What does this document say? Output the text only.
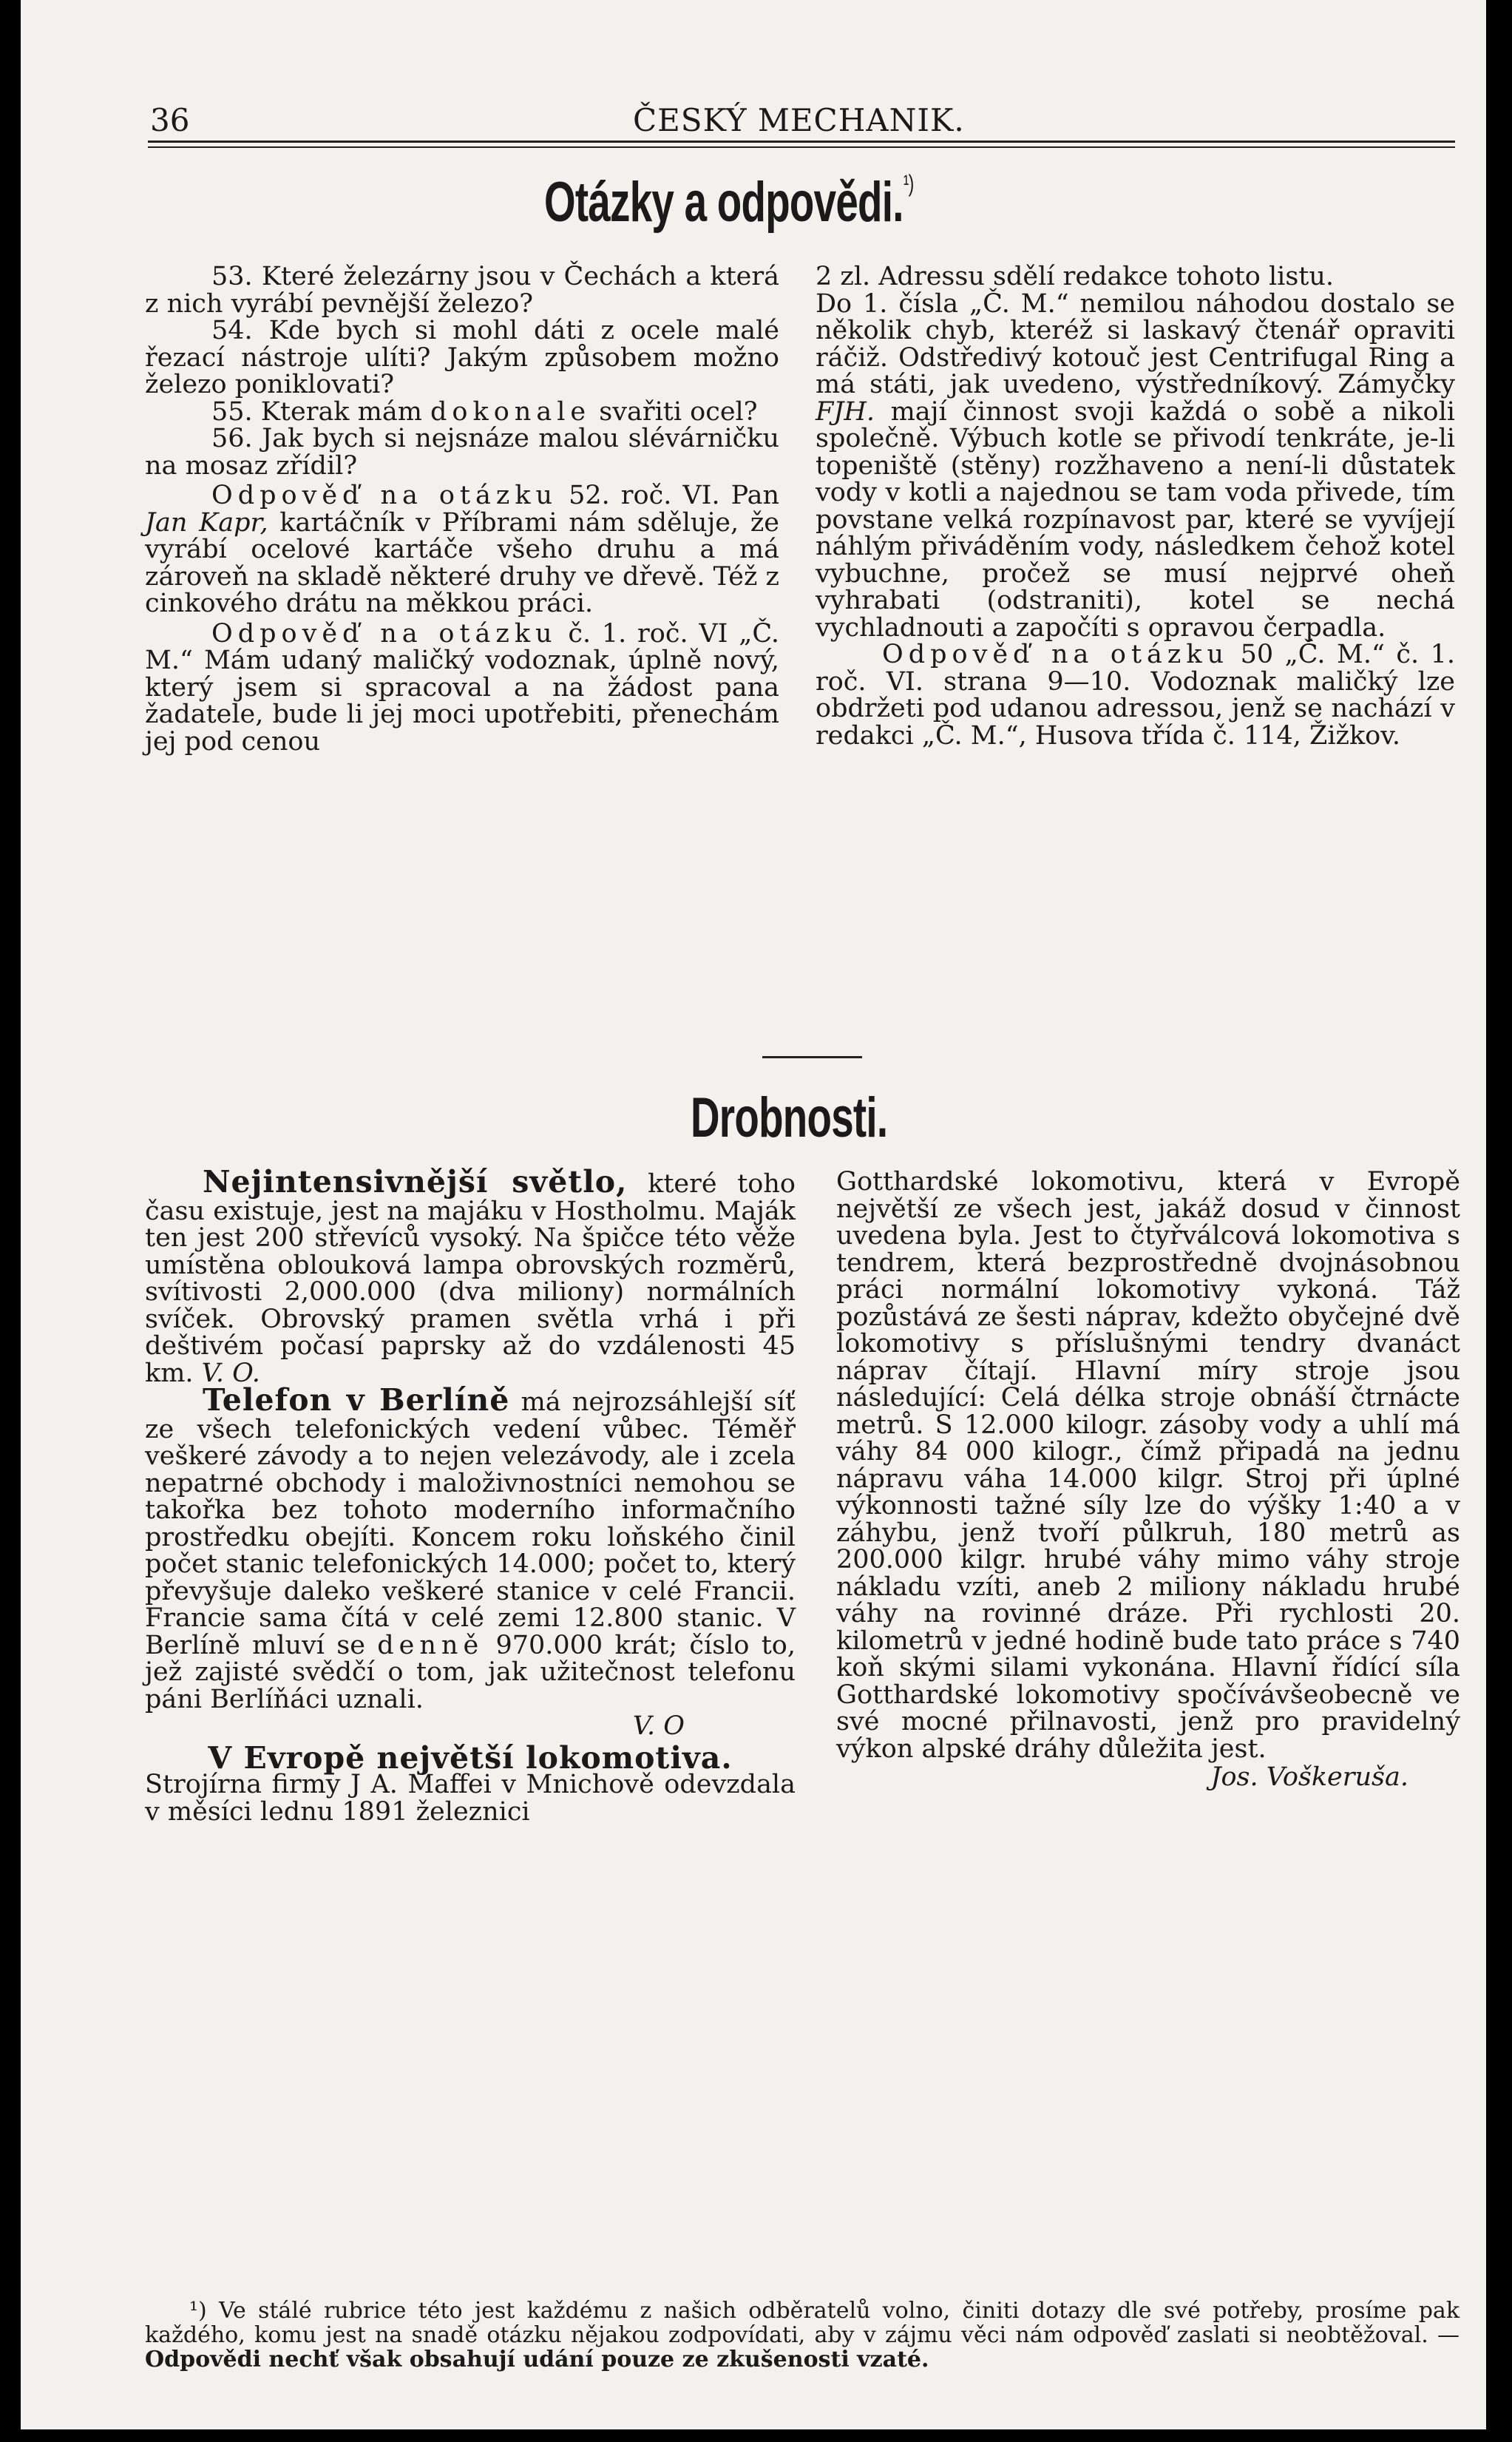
36	ČESKÝ MECHANIK.
Otázky a odpovědi.$^{^1)}$

53. Které železárny jsou v Čechách a která z nich vyrábí pevnější železo?

54. Kde bych si mohl dáti z ocele malé řezací nástroje ulíti? Jakým způsobem možno železo poniklovati?

55. Kterak mám dokonale svařiti ocel?

56. Jak bych si nejsnáze malou slévárničku na mosaz zřídil?

Odpověď na otázku 52. roč. VI. Pan Jan Kapr, kartáčník v Příbrami nám sděluje, že vyrábí ocelové kartáče všeho druhu a má zároveň na skladě některé druhy ve dřevě. Též z cinkového drátu na měkkou práci.

Odpověď na otázku č. 1. roč. VI „Č. M.“ Mám udaný maličký vodoznak, úplně nový, který jsem si spracoval a na žádost pana žadatele, bude li jej moci upotřebiti, přenechám jej pod cenou

2 zl. Adressu sdělí redakce tohoto listu.

Do 1. čísla „Č. M.“ nemilou náhodou dostalo se několik chyb, kteréž si laskavý čtenář opraviti ráčiž. Odstředivý kotouč jest Centrifugal Ring a má státi, jak uvedeno, výstředníkový. Zámyčky FJH. mají činnost svoji každá o sobě a nikoli společně. Výbuch kotle se přivodí tenkráte, je-li topeniště (stěny) rozžhaveno a není-li důstatek vody v kotli a najednou se tam voda přivede, tím povstane velká rozpínavost par, které se vyvíjejí náhlým přiváděním vody, následkem čehož kotel vybuchne, pročež se musí nejprvé oheň vyhrabati (odstraniti), kotel se nechá vychladnouti a započíti s opravou čerpadla.

Odpověď na otázku 50 „Č. M.“ č. 1. roč. VI. strana 9—10. Vodoznak maličký lze obdržeti pod udanou adressou, jenž se nachází v redakci „Č. M.“, Husova třída č. 114, Žižkov.

Drobnosti.

Nejintensivnější světlo, které toho času existuje, jest na majáku v Hostholmu. Maják ten jest 200 střevíců vysoký. Na špičce této věže umístěna oblouková lampa obrovských rozměrů, svítivosti 2,000.000 (dva miliony) normálních svíček. Obrovský pramen světla vrhá i při deštivém počasí paprsky až do vzdálenosti 45 km. V. O.

Telefon v Berlíně má nejrozsáhlejší síť ze všech telefonických vedení vůbec. Téměř veškeré závody a to nejen velezávody, ale i zcela nepatrné obchody i maloživnostníci nemohou se takořka bez tohoto moderního informačního prostředku obejíti. Koncem roku loňského činil počet stanic telefonických 14.000; počet to, který převyšuje daleko veškeré stanice v celé Francii. Francie sama čítá v celé zemi 12.800 stanic. V Berlíně mluví se denně 970.000 krát; číslo to, jež zajisté svědčí o tom, jak užitečnost telefonu páni Berlíňáci uznali.

V. O

V Evropě největší lokomotiva.

Strojírna firmy J A. Maffei v Mnichově odevzdala v měsíci lednu 1891 železnici

Gotthardské lokomotivu, která v Evropě největší ze všech jest, jakáž dosud v činnost uvedena byla. Jest to čtyřválcová lokomotiva s tendrem, která bezprostředně dvojnásobnou práci normální lokomotivy vykoná. Táž pozůstává ze šesti náprav, kdežto obyčejné dvě lokomotivy s příslušnými tendry dvanáct náprav čítají. Hlavní míry stroje jsou následující: Celá délka stroje obnáší čtrnácte metrů. S 12.000 kilogr. zásoby vody a uhlí má váhy 84 000 kilogr., čímž připadá na jednu nápravu váha 14.000 kilgr. Stroj při úplné výkonnosti tažné síly lze do výšky 1:40 a v záhybu, jenž tvoří půlkruh, 180 metrů as 200.000 kilgr. hrubé váhy mimo váhy stroje nákladu vzíti, aneb 2 miliony nákladu hrubé váhy na rovinné dráze. Při rychlosti 20. kilometrů v jedné hodině bude tato práce s 740 koň skými silami vykonána. Hlavní řídící síla Gotthardské lokomotivy spočívávšeobecně ve své mocné přilnavosti, jenž pro pravidelný výkon alpské dráhy důležita jest.

Jos. Voškeruša.

¹) Ve stálé rubrice této jest každému z našich odběratelů volno, činiti dotazy dle své potřeby, prosíme pak každého, komu jest na snadě otázku nějakou zodpovídati, aby v zájmu věci nám odpověď zaslati si neobtěžoval. — Odpovědi nechť však obsahují udání pouze ze zkušenosti vzaté.
